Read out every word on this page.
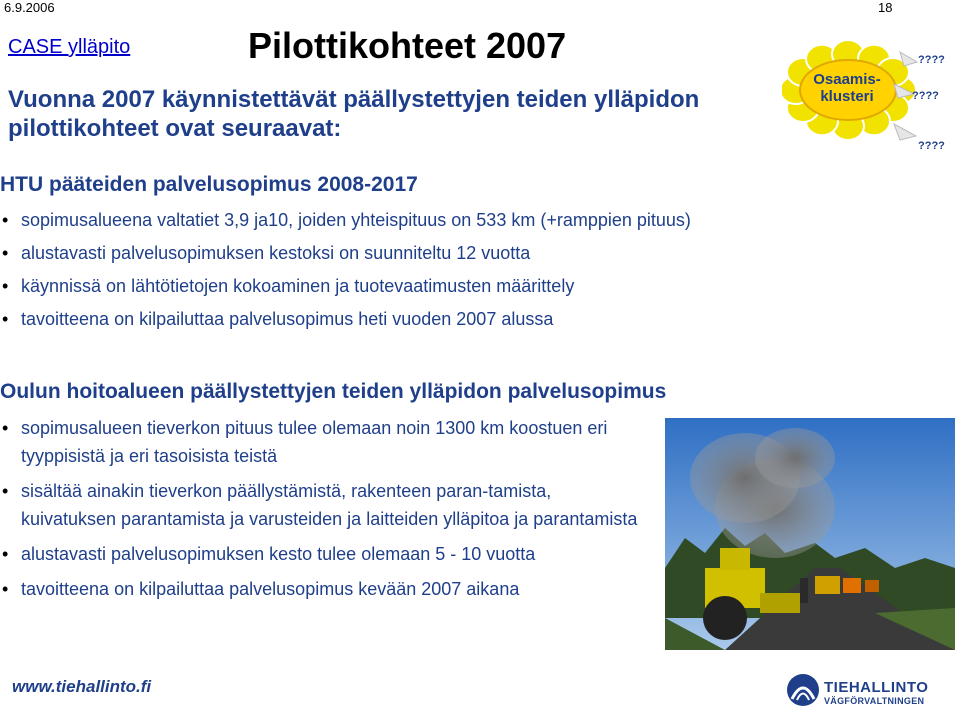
6.9.2006	18
CASE ylläpito	Pilottikohteet 2007
Vuonna 2007 käynnistettävät päällystettyjen teiden ylläpidon pilottikohteet ovat seuraavat:
Osaamis-klusteri
????
????
????
HTU pääteiden palvelusopimus 2008-2017
• sopimusalueena valtatiet 3,9 ja10, joiden yhteispituus on 533 km (+ramppien pituus)
• alustavasti palvelusopimuksen kestoksi on suunniteltu 12 vuotta
• käynnissä on lähtötietojen kokoaminen ja tuotevaatimusten määrittely
• tavoitteena on kilpailuttaa palvelusopimus heti vuoden 2007 alussa
Oulun hoitoalueen päällystettyjen teiden ylläpidon palvelusopimus
• sopimusalueen tieverkon pituus tulee olemaan noin 1300 km koostuen eri tyyppisistä ja eri tasoisista teistä
• sisältää ainakin tieverkon päällystämistä, rakenteen paran-tamista, kuivatuksen parantamista ja varusteiden ja laitteiden ylläpitoa ja parantamista
• alustavasti palvelusopimuksen kesto tulee olemaan 5 - 10 vuotta
• tavoitteena on kilpailuttaa palvelusopimus kevään 2007 aikana
www.tiehallinto.fi	TIEHALLINTO
VÄGFÖRVALTNINGEN
